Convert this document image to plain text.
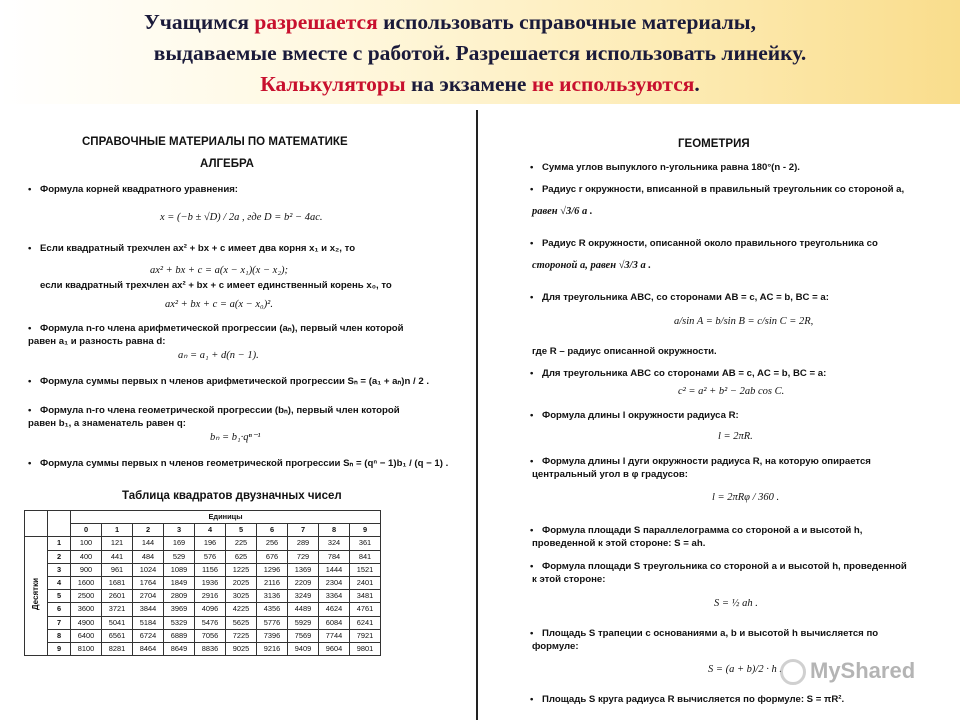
Учащимся разрешается использовать справочные материалы,
выдаваемые вместе с работой. Разрешается использовать линейку.
Калькуляторы на экзамене не используются.

СПРАВОЧНЫЕ МАТЕРИАЛЫ ПО МАТЕМАТИКЕ

АЛГЕБРА

• Формула корней квадратного уравнения:

x = (−b ± √D) / 2a , где D = b² − 4ac.

• Если квадратный трехчлен ax² + bx + c имеет два корня x₁ и x₂, то

ax² + bx + c = a(x − x₁)(x − x₂);

если квадратный трехчлен ax² + bx + c имеет единственный корень x₀, то

ax² + bx + c = a(x − x₀)².

• Формула n-го члена арифметической прогрессии (aₙ), первый член которой

равен a₁ и разность равна d:

aₙ = a₁ + d(n − 1).

• Формула суммы первых n членов арифметической прогрессии Sₙ = (a₁ + aₙ)n / 2 .

• Формула n-го члена геометрической прогрессии (bₙ), первый член которой

равен b₁, а знаменатель равен q:

bₙ = b₁·qⁿ⁻¹

• Формула суммы первых n членов геометрической прогрессии Sₙ = (qⁿ − 1)b₁ / (q − 1) .

Таблица квадратов двузначных чисел

		Единицы									
		0	1	2	3	4	5	6	7	8	9
Десятки	1	100	121	144	169	196	225	256	289	324	361
	2	400	441	484	529	576	625	676	729	784	841
	3	900	961	1024	1089	1156	1225	1296	1369	1444	1521
	4	1600	1681	1764	1849	1936	2025	2116	2209	2304	2401
	5	2500	2601	2704	2809	2916	3025	3136	3249	3364	3481
	6	3600	3721	3844	3969	4096	4225	4356	4489	4624	4761
	7	4900	5041	5184	5329	5476	5625	5776	5929	6084	6241
	8	6400	6561	6724	6889	7056	7225	7396	7569	7744	7921
	9	8100	8281	8464	8649	8836	9025	9216	9409	9604	9801

ГЕОМЕТРИЯ

• Сумма углов выпуклого n-угольника равна 180°(n - 2).

• Радиус r окружности, вписанной в правильный треугольник со стороной a,

равен √3/6 a .

• Радиус R окружности, описанной около правильного треугольника со

стороной a, равен √3/3 a .

• Для треугольника ABC, со сторонами AB = c, AC = b, BC = a:

a/sin A = b/sin B = c/sin C = 2R,

где R – радиус описанной окружности.

• Для треугольника ABC со сторонами AB = c, AC = b, BC = a:

c² = a² + b² − 2ab cos C.

• Формула длины l окружности радиуса R:

l = 2πR.

• Формула длины l дуги окружности радиуса R, на которую опирается

центральный угол в φ градусов:

l = 2πRφ / 360 .

• Формула площади S параллелограмма со стороной a и высотой h,

проведенной к этой стороне: S = ah.

• Формула площади S треугольника со стороной a и высотой h, проведенной

к этой стороне:

S = ½ ah .

• Площадь S трапеции с основаниями a, b и высотой h вычисляется по

формуле:

S = (a + b)/2 · h .

• Площадь S круга радиуса R вычисляется по формуле: S = πR².

MyShared
